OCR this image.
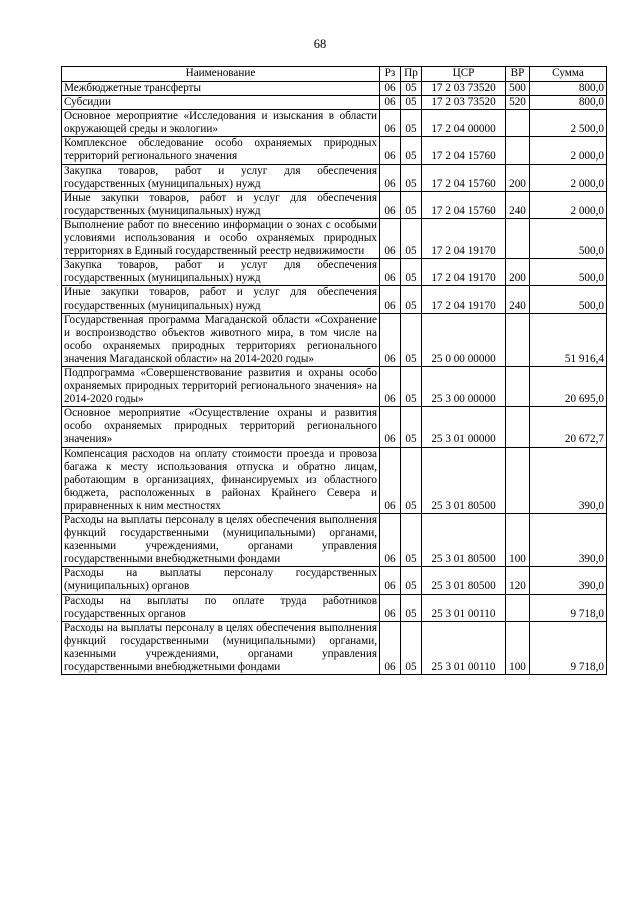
68
Наименование	Рз	Пр	ЦСР	ВР	Сумма
Межбюджетные трансферты	06	05	17 2 03 73520	500	800,0
Субсидии	06	05	17 2 03 73520	520	800,0
Основное мероприятие «Исследования и изыскания в области окружающей среды и экологии»	06	05	17 2 04 00000		2 500,0
Комплексное обследование особо охраняемых природных территорий регионального значения	06	05	17 2 04 15760		2 000,0
Закупка товаров, работ и услуг для обеспечения государственных (муниципальных) нужд	06	05	17 2 04 15760	200	2 000,0
Иные закупки товаров, работ и услуг для обеспечения государственных (муниципальных) нужд	06	05	17 2 04 15760	240	2 000,0
Выполнение работ по внесению информации о зонах с особыми условиями использования и особо охраняемых природных территориях в Единый государственный реестр недвижимости	06	05	17 2 04 19170		500,0
Закупка товаров, работ и услуг для обеспечения государственных (муниципальных) нужд	06	05	17 2 04 19170	200	500,0
Иные закупки товаров, работ и услуг для обеспечения государственных (муниципальных) нужд	06	05	17 2 04 19170	240	500,0
Государственная программа Магаданской области «Сохранение и воспроизводство объектов животного мира, в том числе на особо охраняемых природных территориях регионального значения Магаданской области» на 2014-2020 годы»	06	05	25 0 00 00000		51 916,4
Подпрограмма «Совершенствование развития и охраны особо охраняемых природных территорий регионального значения» на 2014-2020 годы»	06	05	25 3 00 00000		20 695,0
Основное мероприятие «Осуществление охраны и развития особо охраняемых природных территорий регионального значения»	06	05	25 3 01 00000		20 672,7
Компенсация расходов на оплату стоимости проезда и провоза багажа к месту использования отпуска и обратно лицам, работающим в организациях, финансируемых из областного бюджета, расположенных в районах Крайнего Севера и приравненных к ним местностях	06	05	25 3 01 80500		390,0
Расходы на выплаты персоналу в целях обеспечения выполнения функций государственными (муниципальными) органами, казенными учреждениями, органами управления государственными внебюджетными фондами	06	05	25 3 01 80500	100	390,0
Расходы на выплаты персоналу государственных (муниципальных) органов	06	05	25 3 01 80500	120	390,0
Расходы на выплаты по оплате труда работников государственных органов	06	05	25 3 01 00110		9 718,0
Расходы на выплаты персоналу в целях обеспечения выполнения функций государственными (муниципальными) органами, казенными учреждениями, органами управления государственными внебюджетными фондами	06	05	25 3 01 00110	100	9 718,0
